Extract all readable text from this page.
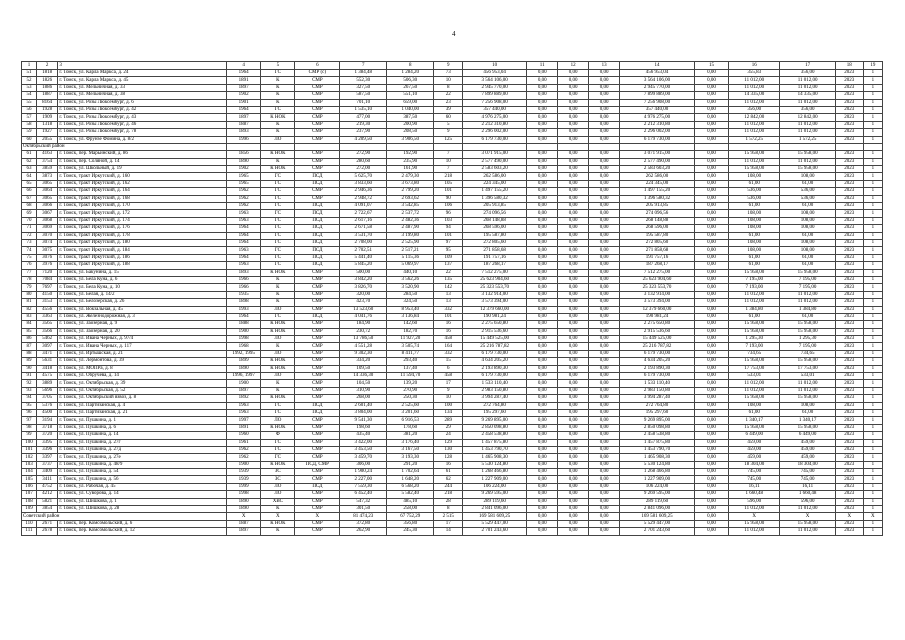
4
1	2	3	4	5	6	7	8	9	10	11	12	13	14	15	16	17	18	19
51	1818	г. Томск, ул. Карла Маркса, д. 24	1964	ГС	СМР (с)	1 384,48	1 284,20	73	456 953,04	0,00	0,00	0,00	456 953,04	0,00	355,83	356,00	2023	1
52	1826	г. Томск, ул. Карла Маркса, д. 45	1891	К	СМР	552,30	506,30	10	3 564 106,00	0,00	0,00	0,00	3 564 106,00	0,00	11 012,00	11 012,00	2023	1
53	1886	г. Томск, ул. Мельничная, д. 33	1897	К	СМР	327,50	267,50	8	2 945 770,00	0,00	0,00	0,00	2 945 770,00	0,00	11 012,00	11 012,00	2023	1
54	1887	г. Томск, ул. Мельничная, д. 38	1902	К	СМР	587,50	551,10	22	7 899 889,00	0,00	0,00	0,00	7 899 889,00	0,00	14 335,00	14 335,00	2023	1
55	8164	г. Томск, ул. Розы Люксембург, д. 6	1901	К	СМР	701,10	659,00	23	7 256 908,00	0,00	0,00	0,00	7 256 908,00	0,00	11 012,00	11 012,00	2023	1
56	1928	г. Томск, ул. Розы Люксембург, д. 42	1964	ГС	СМР	1 535,10	1 040,00	39	357 440,00	0,00	0,00	0,00	357 440,00	0,00	356,00	356,00	2023	1
57	1909	г. Томск, ул. Розы Люксембург, д. 43	1897	К НОК	СМР	477,00	387,50	60	4 976 275,00	0,00	0,00	0,00	4 976 275,00	0,00	12 842,00	12 842,00	2023	1
58	1318	г. Томск, ул. Розы Люксембург, д. 46	1887	К	СМР	219,30	200,90	5	2 212 310,80	0,00	0,00	0,00	2 212 310,80	0,00	11 012,00	11 012,00	2023	1
59	1927	г. Томск, ул. Розы Люксембург, д. 78	1893	К	СМР	237,90	208,50	9	2 296 002,00	0,00	0,00	0,00	2 296 002,00	0,00	11 012,00	11 012,00	2023	1
60	2055	г. Томск, ул. Фрунзе Фомина, д. 8/2	1996	ЛО	СМР	4 209,50	3 906,50	125	6 179 730,00	0,00	0,00	0,00	6 179 730,00	0,00	1 572,25	1 572,25	2023	1
Октябрьский район																		
61	4163	г. Томск, пер. Марьинский, д. 86	1856	К НОК	СМР	272,90	192,90	7	3 071 915,00	0,00	0,00	0,00	3 071 915,00	0,00	15 958,00	15 958,00	2023	1
62	3754	г. Томск, пер. Соляной, д. 14	1890	К	СМР	280,60	235,90	10	2 577 490,00	0,00	0,00	0,00	2 577 490,00	0,00	11 012,00	11 012,00	2023	1
63	3859	г. Томск, ул. Школьный, д. 19	1902	К НОК	СМР	272,00	161,90	7	2 583 603,20	0,00	0,00	0,00	2 583 603,20	0,00	15 958,00	15 958,00	2023	1
64	3873	г. Томск, тракт Иркутский, д. 160	1965	ГС	ПСД	5 625,70	2 479,30	218	262 586,00	0,00	0,00	0,00	262 586,00	0,00	108,00	108,00	2023	1
65	3065	г. Томск, тракт Иркутский, д. 162	1965	ГС	ПСД	3 833,60	3 673,80	105	224 345,00	0,00	0,00	0,00	224 345,00	0,00	61,00	61,00	2023	1
66	3064	г. Томск, тракт Иркутский, д. 164	1962	ГС	СМР	2 946,36	2 799,20	101	1 497 155,20	0,00	0,00	0,00	1 497 155,20	0,00	536,00	536,00	2023	1
67	3065	г. Томск, тракт Иркутский, д. 168	1962	ГС	СМР	2 948,72	2 693,62	90	1 396 580,32	0,00	0,00	0,00	1 396 580,32	0,00	536,00	536,00	2023	1
68	3066	г. Томск, тракт Иркутский, д. 170	1962	ГС	ПСД	4 091,07	3 542,85	106	205 913,85	0,00	0,00	0,00	205 913,85	0,00	61,00	61,00	2023	1
69	3067	г. Томск, тракт Иркутский, д. 172	1963	ГС	ПСД	2 722,67	2 537,72	96	274 096,56	0,00	0,00	0,00	274 096,56	0,00	108,00	108,00	2023	1
70	3068	г. Томск, тракт Иркутский, д. 174	1963	ГС	ПСД	2 617,16	2 482,36	103	268 148,88	0,00	0,00	0,00	268 148,88	0,00	108,00	108,00	2023	1
71	3069	г. Томск, тракт Иркутский, д. 176	1964	ГС	ПСД	2 671,58	2 487,90	94	268 596,00	0,00	0,00	0,00	268 596,00	0,00	108,00	108,00	2023	1
72	3070	г. Томск, тракт Иркутский, д. 178	1964	ГС	ПСД	3 531,70	3 199,80	101	195 587,80	0,00	0,00	0,00	195 587,80	0,00	61,00	61,00	2023	1
73	3074	г. Томск, тракт Иркутский, д. 180	1964	ГС	ПСД	2 708,00	2 525,90	97	272 805,60	0,00	0,00	0,00	272 805,60	0,00	108,00	108,00	2023	1
74	3075	г. Томск, тракт Иркутский, д. 184	1963	ГС	ПСД	2 702,51	2 517,21	95	271 858,68	0,00	0,00	0,00	271 858,68	0,00	108,00	108,00	2023	1
75	3076	г. Томск, тракт Иркутский, д. 186	1964	ГС	ПСД	5 441,40	5 115,36	109	191 757,16	0,00	0,00	0,00	191 757,16	0,00	61,00	61,00	2023	1
76	3976	г. Томск, тракт Иркутский, д. 188	1963	ГС	ПСД	5 845,20	5 069,97	137	187 268,17	0,00	0,00	0,00	187 268,17	0,00	61,00	61,00	2023	1
77	7120	г. Томск, ул. Бакунина, д. 15	1893	К НОК	СМР	500,00	440,10	22	7 512 275,00	0,00	0,00	0,00	7 512 275,00	0,00	15 958,00	15 958,00	2023	1
78	7084	г. Томск, ул. Бела Куна, д. 6	1966	К	СМР	3 842,20	3 562,26	135	25 623 904,60	0,00	0,00	0,00	25 623 904,60	0,00	7 195,00	7 195,00	2023	1
79	7697	г. Томск, ул. Бела Куна, д. 10	1966	К	СМР	3 826,70	3 520,90	142	25 323 553,70	0,00	0,00	0,00	25 323 553,70	0,00	7 193,00	7 195,00	2023	1
80	4150	г. Томск, ул. Белая, д. 14/2	1935	К	СМР	320,00	284,50	13	3 132 914,00	0,00	0,00	0,00	3 132 914,00	0,00	11 012,00	11 012,00	2023	1
81	3153	г. Томск, ул. Белозерская, д. 26	1898	К	СМР	423,70	324,50	13	3 573 394,00	0,00	0,00	0,00	3 573 394,00	0,00	11 012,00	11 012,00	2023	1
82	4556	г. Томск, ул. Вокзальная, д. 45	1993	ЛО	СМР	13 523,60	8 953,40	332	12 379 660,00	0,00	0,00	0,00	12 379 660,00	0,00	1 384,80	1 384,80	2023	1
83	3363	г. Томск, ул. Железнодорожная, д. 3	1964	ГС	ПСД	4 041,76	3 136,84	101	190 981,24	0,00	0,00	0,00	190 981,24	0,00	61,00	61,00	2023	1
84	3565	г. Томск, ул. Заозерная, д. 9	1888	К НОК	СМР	184,90	142,60	16	2 275 650,80	0,00	0,00	0,00	2 275 650,80	0,00	15 958,00	15 958,00	2023	1
85	3566	г. Томск, ул. Заозерная, д. 20	1900	К НОК	СМР	230,72	182,70	16	2 915 536,60	0,00	0,00	0,00	2 915 536,60	0,00	15 958,00	15 958,00	2023	1
86	5462	г. Томск, ул. Ивана Черных, д. 97/4	1998	ЛО	СМР	13 786,50	11 927,20	458	15 449 525,00	0,00	0,00	0,00	15 449 525,00	0,00	1 295,30	1 295,30	2023	1
87	3097	г. Томск, ул. Ивана Черных, д. 117	1968	К	СМР	4 551,28	3 505,74	164	25 216 787,82	0,00	0,00	0,00	25 216 787,82	0,00	7 193,00	7 195,00	2023	1
88	3471	г. Томск, ул. Иртышская, д. 21	1992, 1995	ЛО	СМР	9 302,30	8 411,77	332	6 179 730,00	0,00	0,00	0,00	6 179 730,00	0,00	734,65	734,65	2023	1
89	5631	г. Томск, ул. Лермонтова, д. 39	1899	К НОК	СМР	334,20	293,40	15	4 634 205,20	0,00	0,00	0,00	4 634 205,20	0,00	15 958,00	15 958,00	2023	1
90	3418	г. Томск, ул. МОПРа, д. 8	1890	К НОК	СМР	109,50	137,40	6	2 193 890,30	0,00	0,00	0,00	2 193 890,30	0,00	17 753,00	17 753,00	2023	1
91	4575	г. Томск, ул. Обручева, д. 14	1996, 1997	ЛО	СМР	14 336,30	11 594,70	458	6 179 730,00	0,00	0,00	0,00	6 179 730,00	0,00	533,01	533,01	2023	1
92	3889	г. Томск, ул. Октябрьская, д. 39	1900	К	СМР	104,50	139,20	17	1 533 110,40	0,00	0,00	0,00	1 533 110,40	0,00	11 012,00	11 012,00	2023	1
93	5696	г. Томск, ул. Октябрьская, д. 52	1897	К	СМР	310,90	270,90	9	2 983 150,80	0,00	0,00	0,00	2 983 150,80	0,00	11 012,00	11 012,00	2023	1
94	3705	г. Томск, ул. Октябрьский взвоз, д. 8	1892	К НОК	СМР	268,00	250,30	10	3 994 287,40	0,00	0,00	0,00	3 994 287,40	0,00	15 958,00	15 958,00	2023	1
95	5376	г. Томск, ул. Партизанская, д. 4	1963	ГС	ПСД	2 601,40	2 525,60	100	272 764,80	0,00	0,00	0,00	272 764,80	0,00	108,00	108,00	2023	1
96	4500	г. Томск, ул. Партизанская, д. 21	1963	ГС	ПСД	3 804,00	3 201,60	134	195 297,60	0,00	0,00	0,00	195 297,60	0,00	61,00	61,00	2023	1
97	3194	г. Томск, ул. Пушкина, д. 1	1997	ЛО	СМР	9 541,30	6 916,53	289	9 269 895,00	0,00	0,00	0,00	9 269 895,00	0,00	1 340,17	1 340,17	2023	1
98	3718	г. Томск, ул. Пушкина, д. 6	1891	К НОК	СМР	198,60	178,60	29	2 850 098,80	0,00	0,00	0,00	2 850 098,80	0,00	15 958,00	15 958,00	2023	1
99	3720	г. Томск, ул. Пушкина, д. 14	1960	Ф	СМР	435,40	381,20	24	2 458 538,80	0,00	0,00	0,00	2 458 538,80	0,00	6 449,00	6 449,00	2023	1
100	3395	г. Томск, ул. Пушкина, д. 27г	1961	ГС	СМР	3 422,00	3 176,40	129	1 457 875,80	0,00	0,00	0,00	1 457 875,80	0,00	459,00	459,00	2023	1
101	3396	г. Томск, ул. Пушкина, д. 27д	1962	ГС	СМР	3 453,50	3 167,50	130	1 453 790,70	0,00	0,00	0,00	1 453 790,70	0,00	459,00	459,00	2023	1
102	3397	г. Томск, ул. Пушкина, д. 27е	1962	ГС	СМР	3 459,70	3 193,30	128	1 465 908,30	0,00	0,00	0,00	1 465 908,30	0,00	459,00	459,00	2023	1
103	3737	г. Томск, ул. Пушкина, д. 48/9	1900	К НОК	ПСД, СМР	306,00	291,20	16	5 530 124,80	0,00	0,00	0,00	5 530 124,80	0,00	18 304,00	18 304,00	2023	1
104	3409	г. Томск, ул. Пушкина, д. 54	1939	ЗС	СМР	1 900,24	1 702,64	61	1 268 466,80	0,00	0,00	0,00	1 268 466,80	0,00	745,00	745,00	2023	1
105	3411	г. Томск, ул. Пушкина, д. 56	1939	ЗС	СМР	2 227,00	1 648,20	62	1 227 909,00	0,00	0,00	0,00	1 227 909,00	0,00	745,00	745,00	2023	1
106	4752	г. Томск, ул. Рабочая, д. 45	1999	ЛО	ПСД	7 559,30	6 568,20	244	106 224,00	0,00	0,00	0,00	106 224,00	0,00	16,11	16,11	2023	1
107	4212	г. Томск, ул. Суворова, д. 14	1998	ЛО	СМР	6 452,40	5 582,40	218	9 269 595,00	0,00	0,00	0,00	9 269 595,00	0,00	1 660,48	1 660,48	2023	1
108	5821	г. Томск, ул. Шишкова, д. 1	1890	ХВС	СМР	547,32	485,10	28	289 119,60	0,00	0,00	0,00	289 119,60	0,00	596,00	596,00	2023	1
109	3854	г. Томск, ул. Шишкова, д. 28	1890	К	СМР	301,50	258,00	8	2 841 096,00	0,00	0,00	0,00	2 841 096,00	0,00	11 012,00	11 012,00	2023	1
Советский район			Х	Х	Х	81 474,23	67 752,29	2 515	169 581 609,25	0,00	0,00	0,00	169 581 609,25	0,00	Х	Х	Х	Х
110	2671	г. Томск, пер. Комсомольский, д. 6	1887	К НОК	СМР	372,80	356,80	17	5 529 447,00	0,00	0,00	0,00	5 529 447,00	0,00	15 958,00	15 958,00	2023	1
111	2678	г. Томск, пер. Комсомольский, д. 12	1897	К	СМР	262,90	245,30	14	2 701 243,60	0,00	0,00	0,00	2 701 243,60	0,00	11 012,00	11 012,00	2023	1
